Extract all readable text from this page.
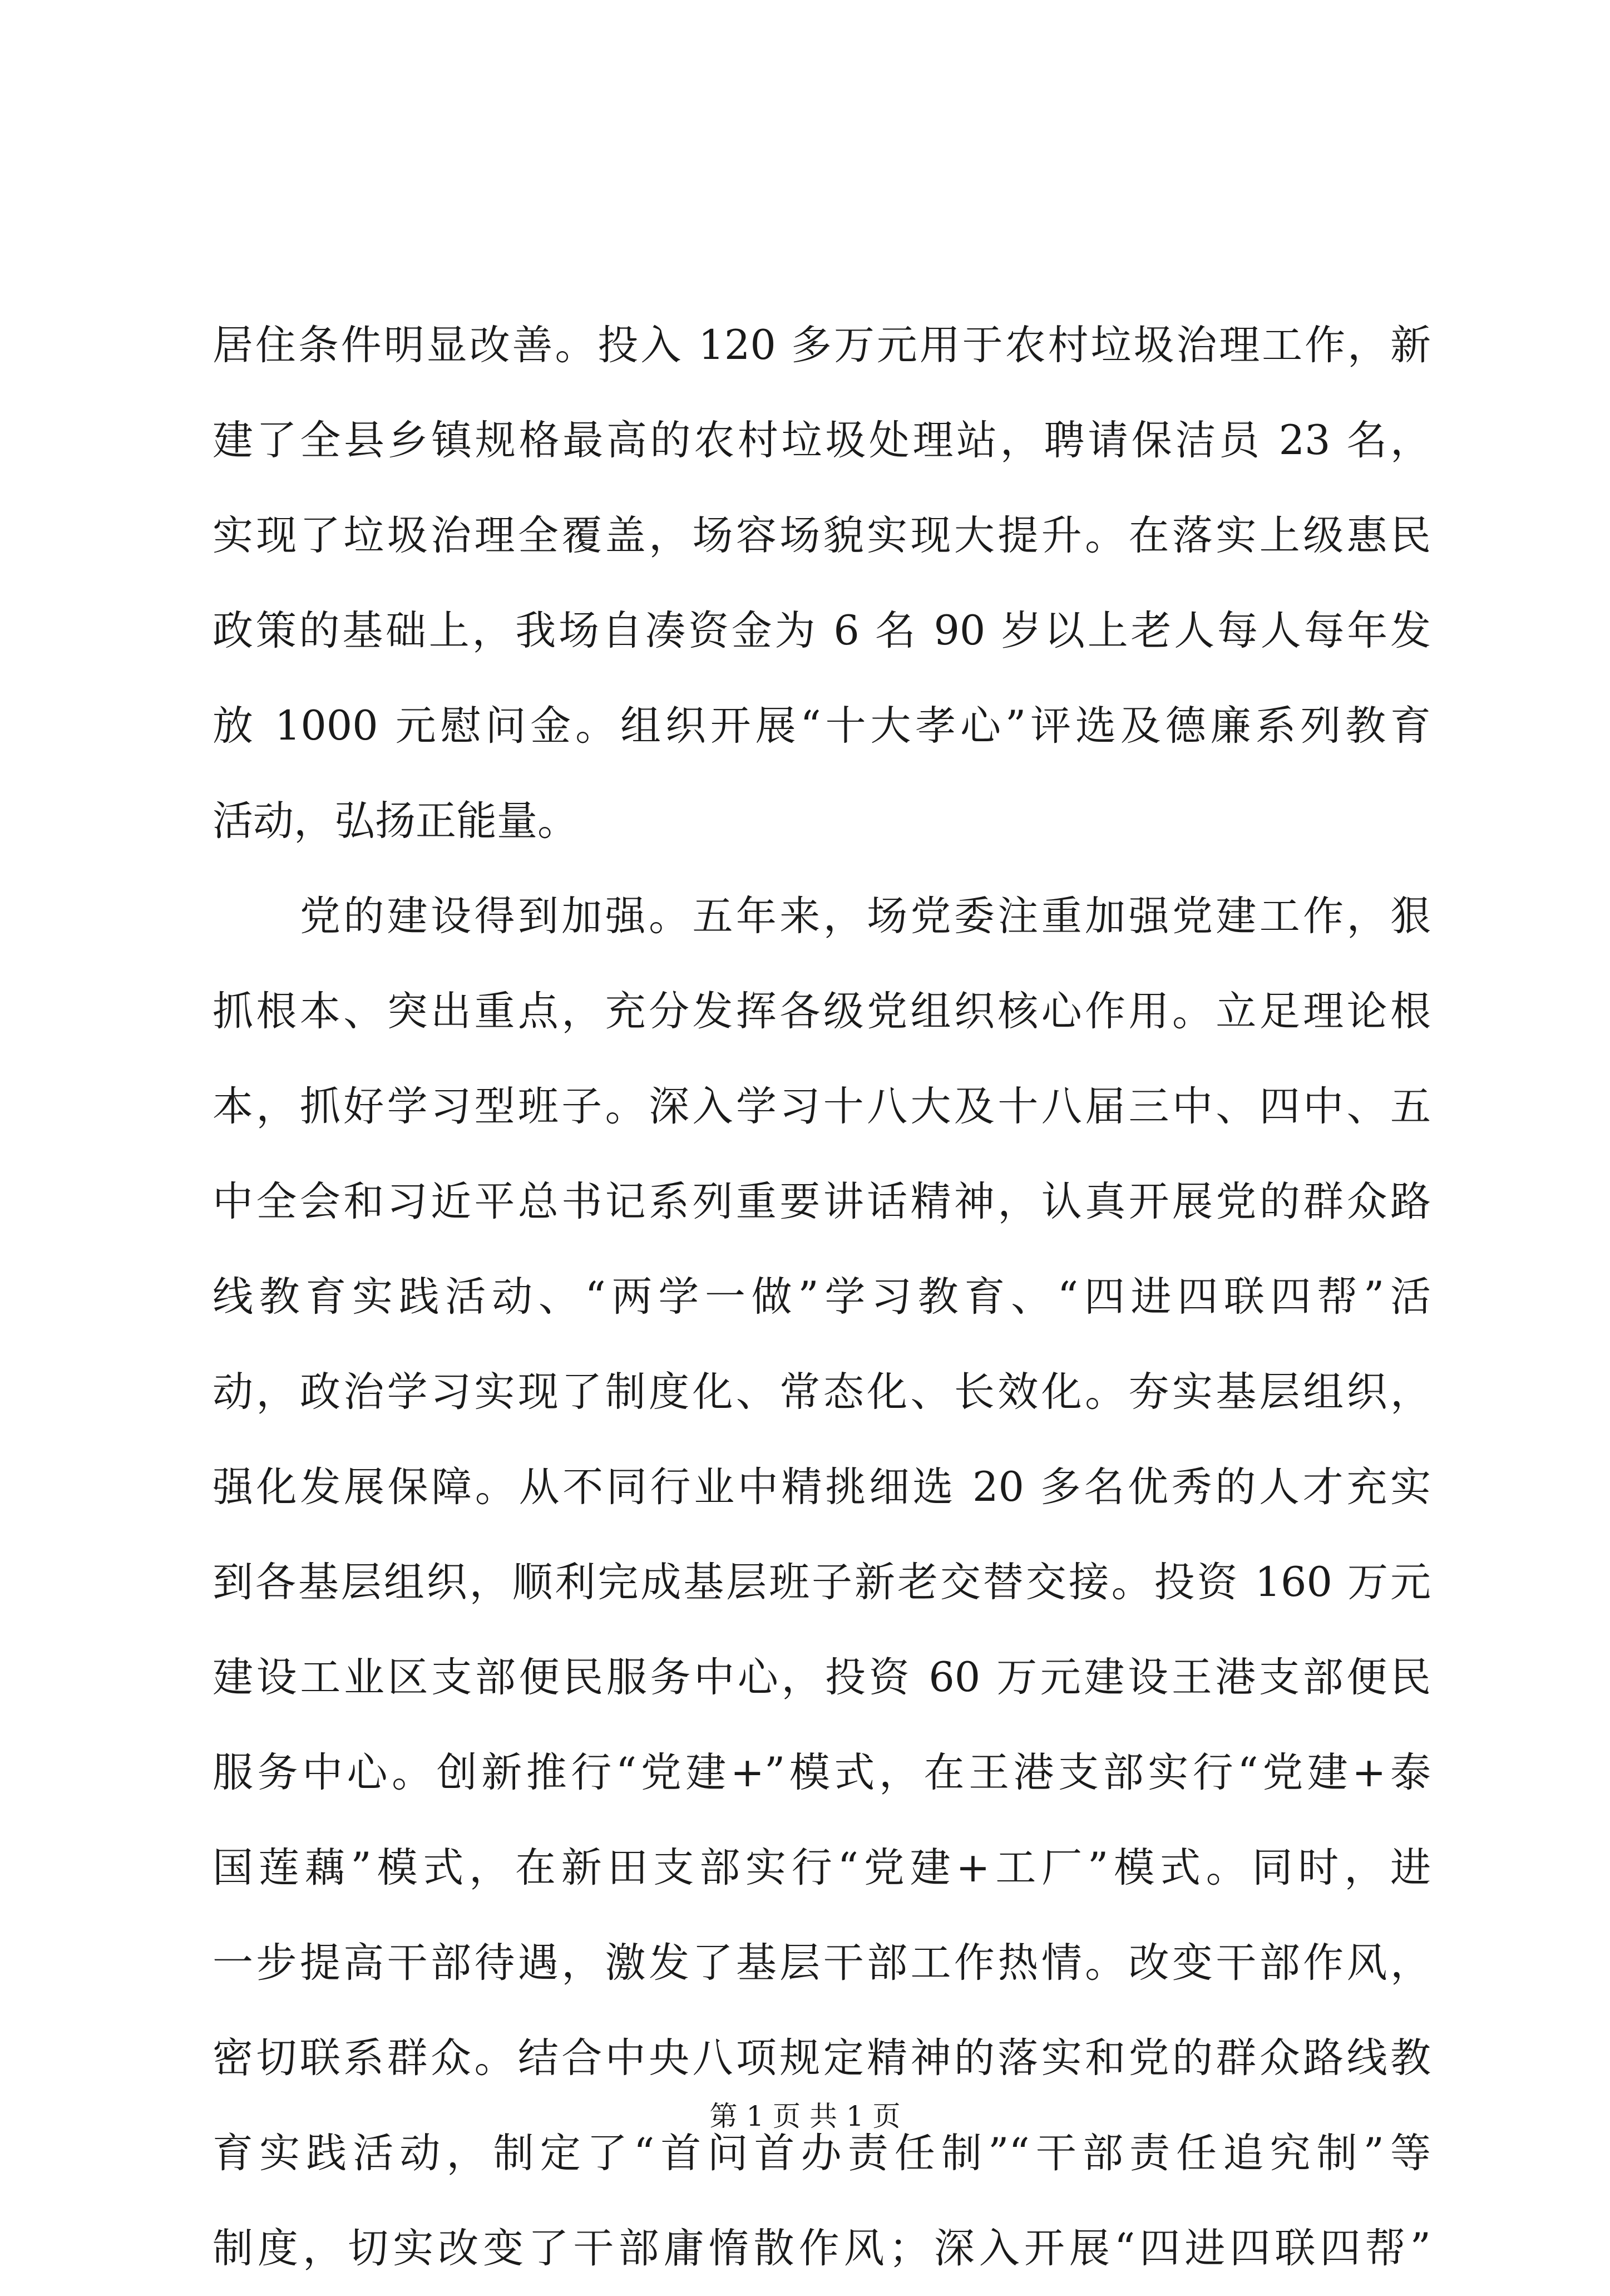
居住条件明显改善。投入 120 多万元用于农村垃圾治理工作，新
建了全县乡镇规格最高的农村垃圾处理站，聘请保洁员 23 名，
实现了垃圾治理全覆盖，场容场貌实现大提升。在落实上级惠民
政策的基础上，我场自凑资金为 6 名 90 岁以上老人每人每年发
放 1000 元慰问金。组织开展“十大孝心”评选及德廉系列教育
活动，弘扬正能量。
　　党的建设得到加强。五年来，场党委注重加强党建工作，狠
抓根本、突出重点，充分发挥各级党组织核心作用。立足理论根
本，抓好学习型班子。深入学习十八大及十八届三中、四中、五
中全会和习近平总书记系列重要讲话精神，认真开展党的群众路
线教育实践活动、“两学一做”学习教育、“四进四联四帮”活
动，政治学习实现了制度化、常态化、长效化。夯实基层组织，
强化发展保障。从不同行业中精挑细选 20 多名优秀的人才充实
到各基层组织，顺利完成基层班子新老交替交接。投资 160 万元
建设工业区支部便民服务中心，投资 60 万元建设王港支部便民
服务中心。创新推行“党建+”模式，在王港支部实行“党建+泰
国莲藕”模式，在新田支部实行“党建+工厂”模式。同时，进
一步提高干部待遇，激发了基层干部工作热情。改变干部作风，
密切联系群众。结合中央八项规定精神的落实和党的群众路线教
育实践活动，制定了“首问首办责任制”“干部责任追究制”等
制度，切实改变了干部庸惰散作风；深入开展“四进四联四帮”
第 1 页 共 1 页
